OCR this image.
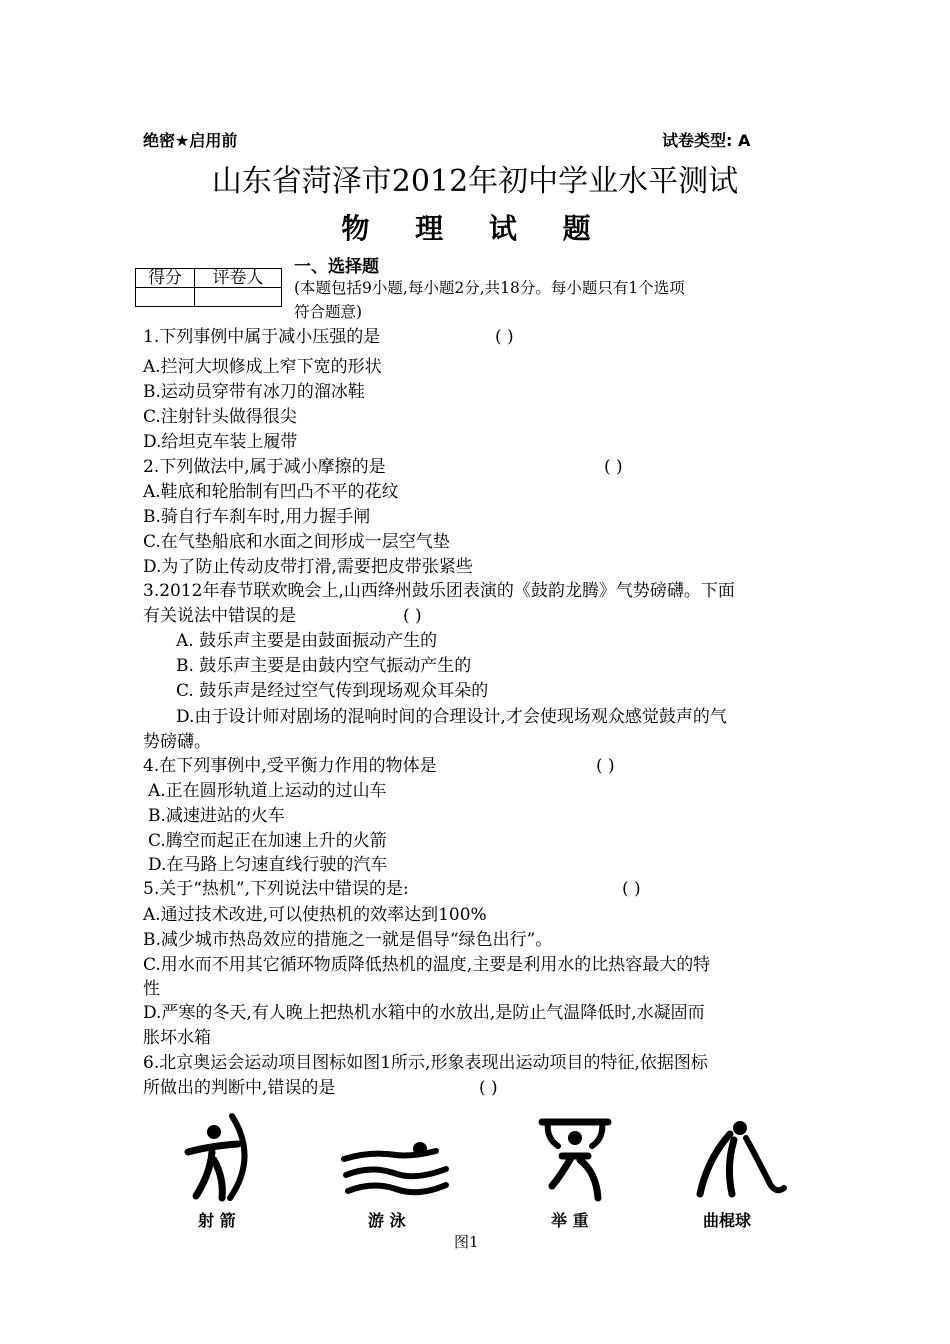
绝密★启用前	试卷类型: A
山东省菏泽市2012年初中学业水平测试
物 理 试 题
得分	评卷人

一、选择题
(本题包括9小题,每小题2分,共18分。每小题只有1个选项
符合题意)
1.下列事例中属于减小压强的是	( )
A.拦河大坝修成上窄下宽的形状
B.运动员穿带有冰刀的溜冰鞋
C.注射针头做得很尖
D.给坦克车装上履带
2.下列做法中,属于减小摩擦的是	( )
A.鞋底和轮胎制有凹凸不平的花纹
B.骑自行车刹车时,用力握手闸
C.在气垫船底和水面之间形成一层空气垫
D.为了防止传动皮带打滑,需要把皮带张紧些
3.2012年春节联欢晚会上,山西绛州鼓乐团表演的《鼓韵龙腾》气势磅礴。下面
有关说法中错误的是	( )
A. 鼓乐声主要是由鼓面振动产生的
B. 鼓乐声主要是由鼓内空气振动产生的
C. 鼓乐声是经过空气传到现场观众耳朵的
D.由于设计师对剧场的混响时间的合理设计,才会使现场观众感觉鼓声的气
势磅礴。
4.在下列事例中,受平衡力作用的物体是	( )
A.正在圆形轨道上运动的过山车
B.减速进站的火车
C.腾空而起正在加速上升的火箭
D.在马路上匀速直线行驶的汽车
5.关于“热机”,下列说法中错误的是:	( )
A.通过技术改进,可以使热机的效率达到100%
B.减少城市热岛效应的措施之一就是倡导“绿色出行”。
C.用水而不用其它循环物质降低热机的温度,主要是利用水的比热容最大的特
性
D.严寒的冬天,有人晚上把热机水箱中的水放出,是防止气温降低时,水凝固而
胀坏水箱
6.北京奥运会运动项目图标如图1所示,形象表现出运动项目的特征,依据图标
所做出的判断中,错误的是	( )
射 箭	游 泳	举 重	曲棍球
图1
